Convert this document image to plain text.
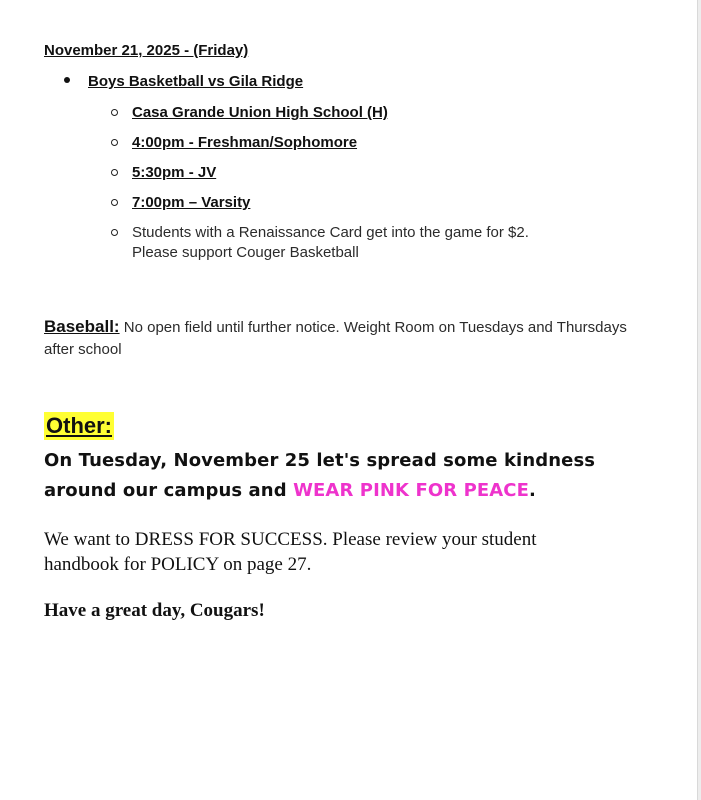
November 21, 2025 - (Friday)
Boys Basketball vs Gila Ridge
Casa Grande Union High School (H)
4:00pm - Freshman/Sophomore
5:30pm - JV
7:00pm – Varsity
Students with a Renaissance Card get into the game for $2.
Please support Couger Basketball
Baseball: No open field until further notice. Weight Room on Tuesdays and Thursdays after school
Other:
On Tuesday, November 25 let's spread some kindness around our campus and WEAR PINK FOR PEACE.
We want to DRESS FOR SUCCESS. Please review your student handbook for POLICY on page 27.
Have a great day, Cougars!
